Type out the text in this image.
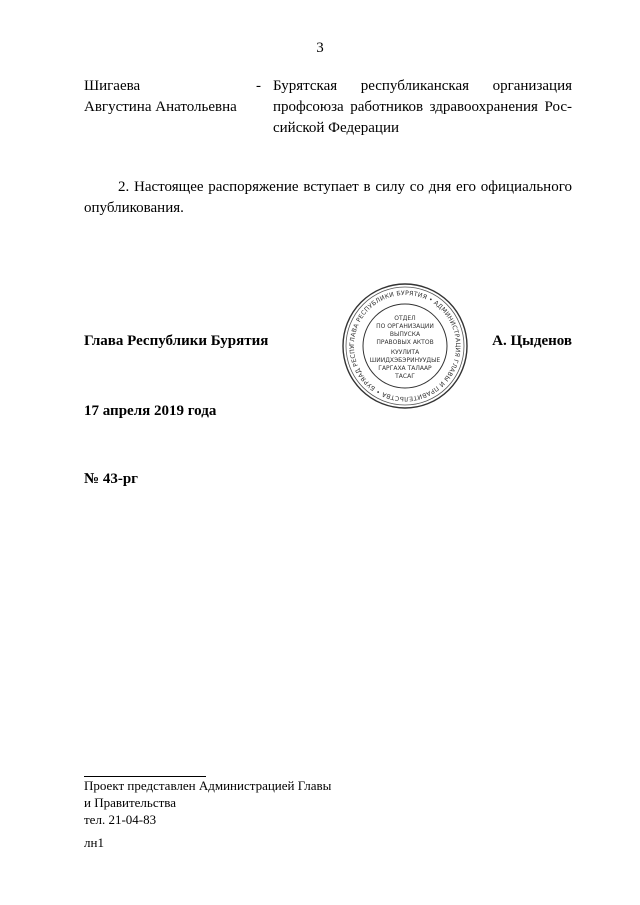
3
Шигаева
Августина Анатольевна
- Бурятская республиканская организация
профсоюза работников здравоохранения Рос-
сийской Федерации
2. Настоящее распоряжение вступает в силу со дня его официального
опубликования.
ГЛАВА РЕСПУБЛИКИ БУРЯТИЯ • АДМИНИСТРАЦИЯ ГЛАВЫ И ПРАВИТЕЛЬСТВА • БУРЯАД РЕСПУ
ОТДЕЛ
ПО ОРГАНИЗАЦИИ
ВЫПУСКА
ПРАВОВЫХ АКТОВ
КУУЛИТА
ШИИДХЭБЭРИНУУДЫЕ
ГАРГАХА ТАЛААР
ТАСАГ
Глава Республики Бурятия	А. Цыденов
17 апреля 2019 года
№ 43-рг
Проект представлен Администрацией Главы
и Правительства
тел. 21-04-83
лн1
